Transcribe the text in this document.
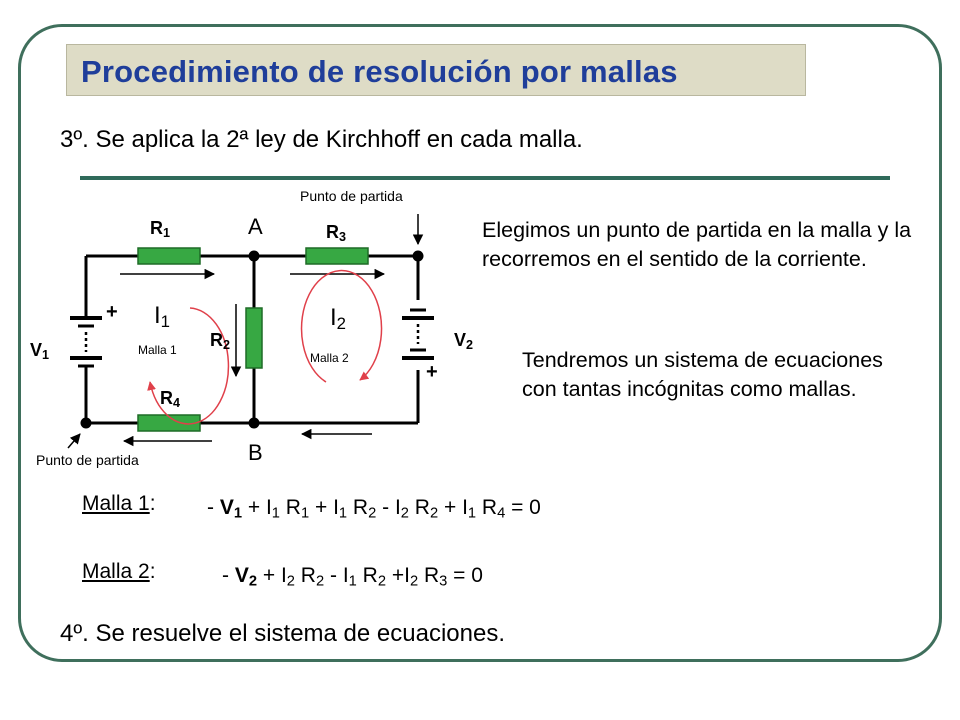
Procedimiento de resolución por mallas
3º. Se aplica la 2ª ley de Kirchhoff en cada malla.
+
+
Punto de partida
Punto de partida
A
B
$R_1$	$R_3$
$R_4$
$R_2$
$V_1$
$V_2$
$I_1$	$I_2$
Malla 1
Malla 2
Elegimos un punto de partida en la malla y la recorremos en el sentido de la corriente.
Tendremos un sistema de ecuaciones con tantas incógnitas como mallas.
Malla 1: - $V_1 + I_1$ $R_1 + I_1$ $R_2 - I_2$ $R_2 + I_1$ $R_4 = 0$
Malla 2:	- $V_2 + I_2$ $R_2 - I_1$ $R_2 +I_2$ $R_3 = 0$
4º. Se resuelve el sistema de ecuaciones.
